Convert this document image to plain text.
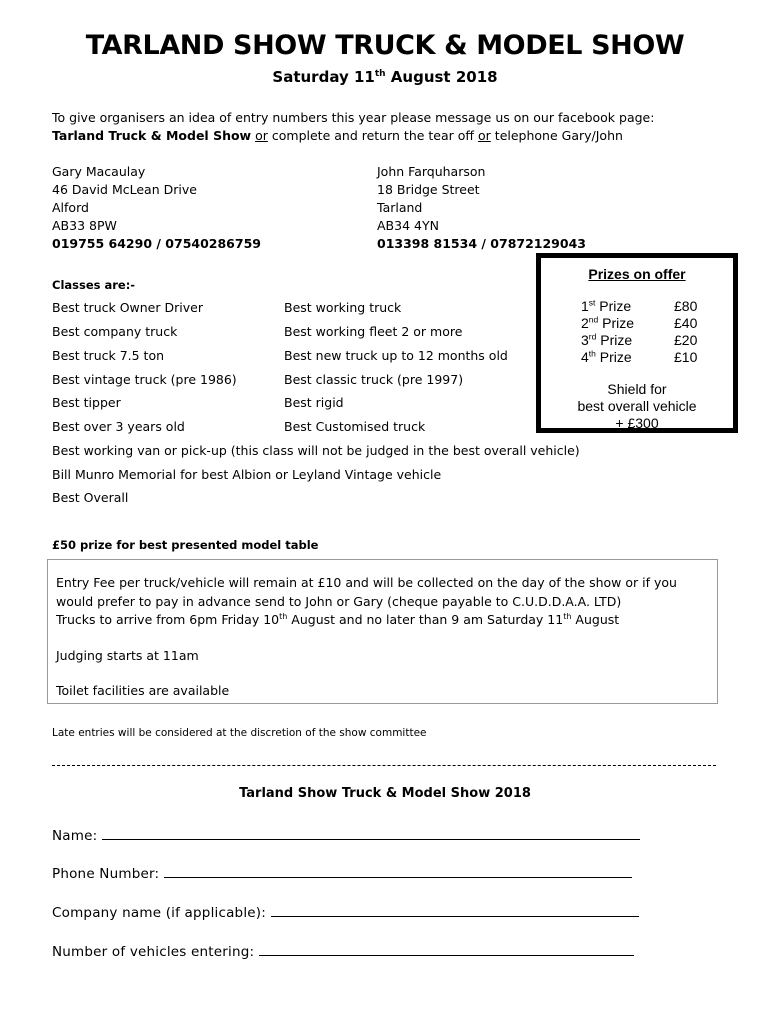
TARLAND SHOW TRUCK & MODEL SHOW
Saturday 11th August 2018
To give organisers an idea of entry numbers this year please message us on our facebook page:
Tarland Truck & Model Show or complete and return the tear off or telephone Gary/John
Gary Macaulay
46 David McLean Drive
Alford
AB33 8PW
019755 64290 / 07540286759
John Farquharson
18 Bridge Street
Tarland
AB34 4YN
013398 81534 / 07872129043
Classes are:-
Best truck Owner Driver
Best company truck
Best truck 7.5 ton
Best vintage truck (pre 1986)
Best tipper
Best over 3 years old
Best working truck
Best working fleet 2 or more
Best new truck up to 12 months old
Best classic truck (pre 1997)
Best rigid
Best Customised truck
Best working van or pick-up (this class will not be judged in the best overall vehicle)
Bill Munro Memorial for best Albion or Leyland Vintage vehicle
Best Overall
Prizes on offer
1st Prize	£80
2nd Prize	£40
3rd Prize	£20
4th Prize	£10
Shield for
best overall vehicle
+ £300
£50 prize for best presented model table
Entry Fee per truck/vehicle will remain at £10 and will be collected on the day of the show or if you
would prefer to pay in advance send to John or Gary (cheque payable to C.U.D.D.A.A. LTD)
Trucks to arrive from 6pm Friday 10th August and no later than 9 am Saturday 11th August
Judging starts at 11am
Toilet facilities are available
Late entries will be considered at the discretion of the show committee
Tarland Show Truck & Model Show 2018
Name:
Phone Number:
Company name (if applicable):
Number of vehicles entering:
